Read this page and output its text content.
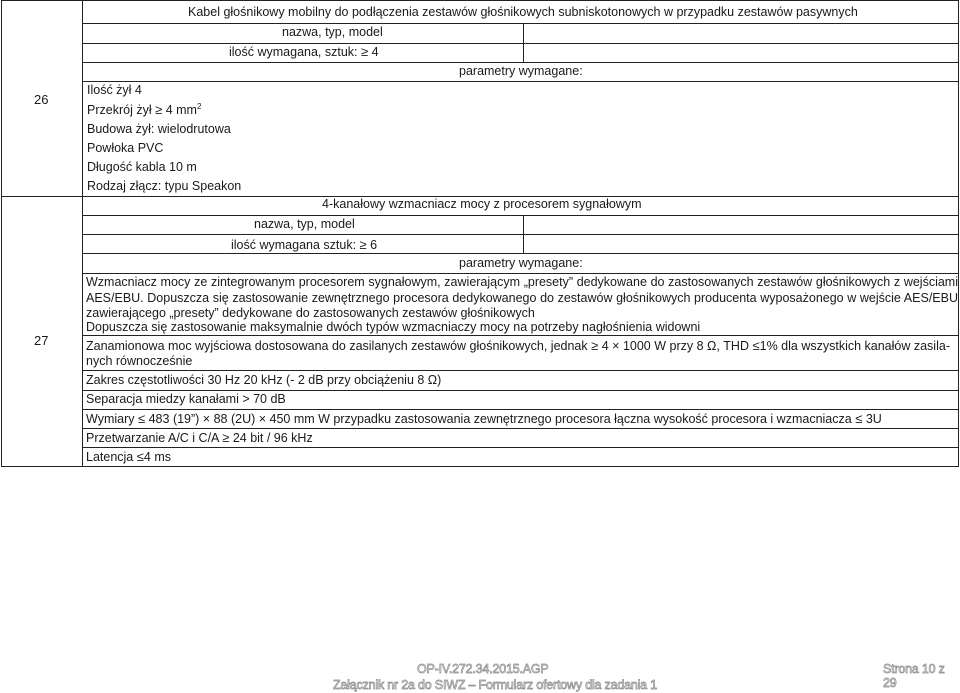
26
Kabel głośnikowy mobilny do podłączenia zestawów głośnikowych subniskotonowych w przypadku zestawów pasywnych
nazwa, typ, model
ilość wymagana, sztuk: ≥ 4
parametry wymagane:
Ilość żył 4
Przekrój żył ≥ 4 $mm^2$
Budowa żył: wielodrutowa
Powłoka PVC
Długość kabla 10 m
Rodzaj złącz: typu Speakon
27
4-kanałowy wzmacniacz mocy z procesorem sygnałowym
nazwa, typ, model
ilość wymagana sztuk: ≥ 6
parametry wymagane:
Wzmacniacz mocy ze zintegrowanym procesorem sygnałowym, zawierającym „presety” dedykowane do zastosowanych zestawów głośnikowych z wejściami AES/EBU. Dopuszcza się zastosowanie zewnętrznego procesora dedykowanego do zestawów głośnikowych producenta wyposażonego w wejście AES/EBU zawierającego „presety” dedykowane do zastosowanych zestawów głośnikowych
Dopuszcza się zastosowanie maksymalnie dwóch typów wzmacniaczy mocy na potrzeby nagłośnienia widowni
Zanamionowa moc wyjściowa dostosowana do zasilanych zestawów głośnikowych, jednak ≥ 4 × 1000 W przy 8 Ω, THD ≤1% dla wszystkich kanałów zasila-
nych równocześnie
Zakres częstotliwości 30 Hz 20 kHz (- 2 dB przy obciążeniu 8 Ω)
Separacja miedzy kanałami > 70 dB
Wymiary ≤ 483 (19”) × 88 (2U) × 450 mm W przypadku zastosowania zewnętrznego procesora łączna wysokość procesora i wzmacniacza ≤ 3U
Przetwarzanie A/C i C/A ≥ 24 bit / 96 kHz
Latencja ≤4 ms
OP-IV.272.34.2015.AGP
Załącznik nr 2a do SIWZ – Formularz ofertowy dla zadania 1
Strona 10 z 29
